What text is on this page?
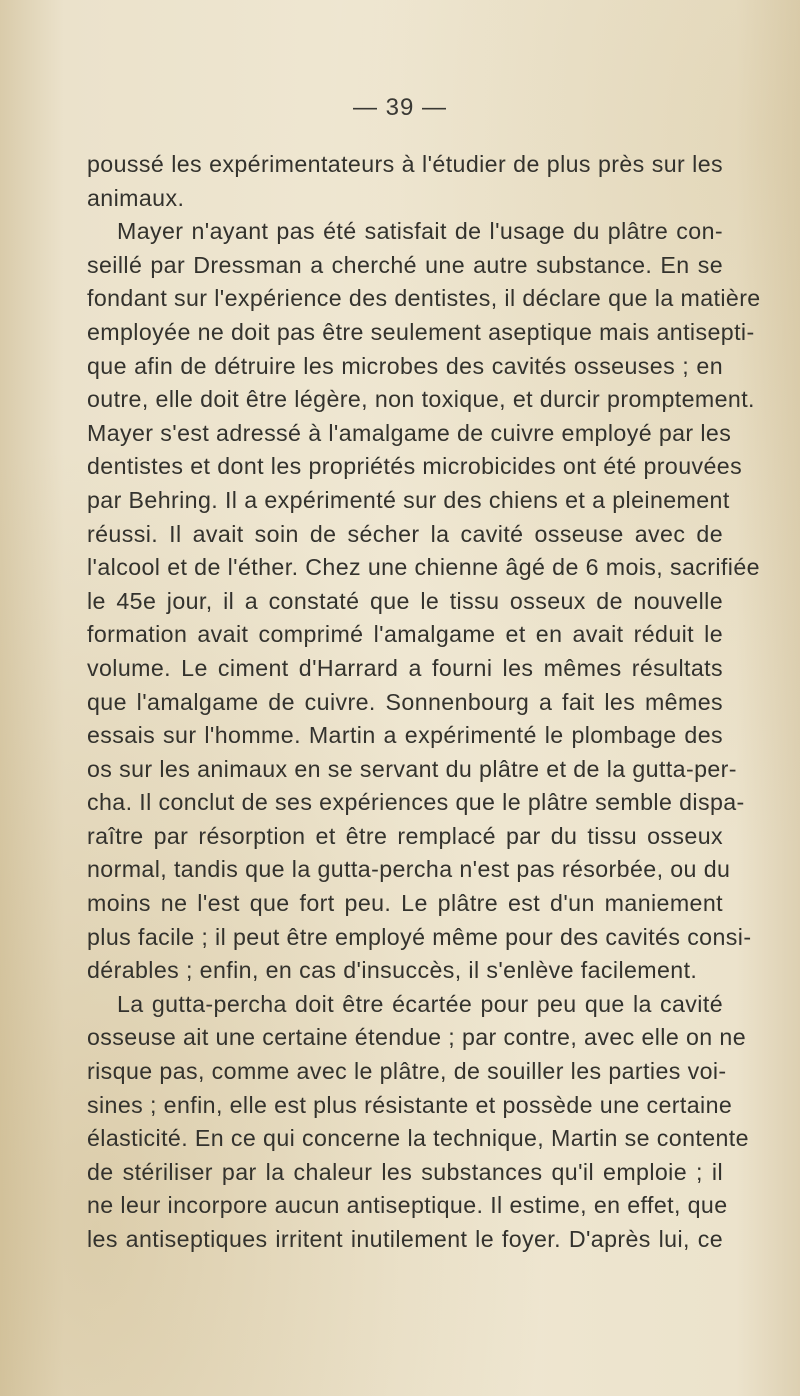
— 39 —
poussé les expérimentateurs à l'étudier de plus près sur les
animaux.
Mayer n'ayant pas été satisfait de l'usage du plâtre con-
seillé par Dressman a cherché une autre substance. En se
fondant sur l'expérience des dentistes, il déclare que la matière
employée ne doit pas être seulement aseptique mais antisepti-
que afin de détruire les microbes des cavités osseuses ; en
outre, elle doit être légère, non toxique, et durcir promptement.
Mayer s'est adressé à l'amalgame de cuivre employé par les
dentistes et dont les propriétés microbicides ont été prouvées
par Behring. Il a expérimenté sur des chiens et a pleinement
réussi. Il avait soin de sécher la cavité osseuse avec de
l'alcool et de l'éther. Chez une chienne âgé de 6 mois, sacrifiée
le 45e jour, il a constaté que le tissu osseux de nouvelle
formation avait comprimé l'amalgame et en avait réduit le
volume. Le ciment d'Harrard a fourni les mêmes résultats
que l'amalgame de cuivre. Sonnenbourg a fait les mêmes
essais sur l'homme. Martin a expérimenté le plombage des
os sur les animaux en se servant du plâtre et de la gutta-per-
cha. Il conclut de ses expériences que le plâtre semble dispa-
raître par résorption et être remplacé par du tissu osseux
normal, tandis que la gutta-percha n'est pas résorbée, ou du
moins ne l'est que fort peu. Le plâtre est d'un maniement
plus facile ; il peut être employé même pour des cavités consi-
dérables ; enfin, en cas d'insuccès, il s'enlève facilement.
La gutta-percha doit être écartée pour peu que la cavité
osseuse ait une certaine étendue ; par contre, avec elle on ne
risque pas, comme avec le plâtre, de souiller les parties voi-
sines ; enfin, elle est plus résistante et possède une certaine
élasticité. En ce qui concerne la technique, Martin se contente
de stériliser par la chaleur les substances qu'il emploie ; il
ne leur incorpore aucun antiseptique. Il estime, en effet, que
les antiseptiques irritent inutilement le foyer. D'après lui, ce
